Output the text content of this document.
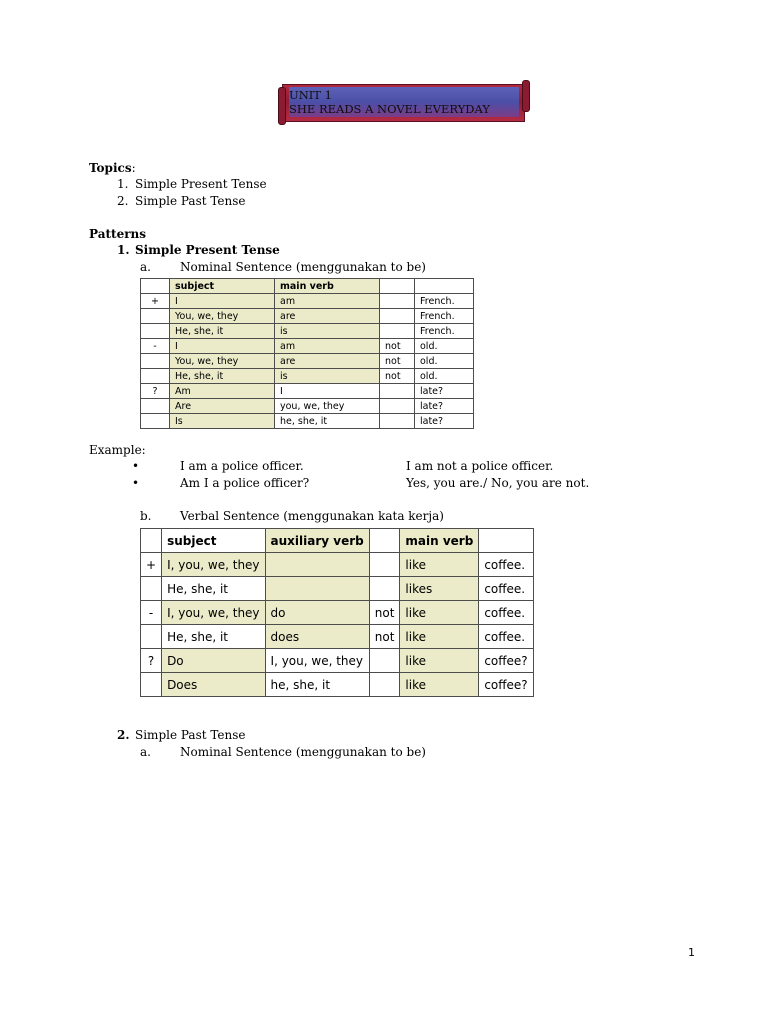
UNIT 1
SHE READS A NOVEL EVERYDAY
Topics:
1. Simple Present Tense
2. Simple Past Tense
Patterns
1. Simple Present Tense
a. Nominal Sentence (menggunakan to be)
	subject	main verb		
+	I	am		French.
	You, we, they	are		French.
	He, she, it	is		French.
-	I	am	not	old.
	You, we, they	are	not	old.
	He, she, it	is	not	old.
?	Am	I		late?
	Are	you, we, they		late?
	Is	he, she, it		late?
Example:
•	I am a police officer.	I am not a police officer.
•	Am I a police officer?	Yes, you are./ No, you are not.
b. Verbal Sentence (menggunakan kata kerja)
	subject	auxiliary verb		main verb	
+	I, you, we, they			like	coffee.
	He, she, it			likes	coffee.
-	I, you, we, they	do	not	like	coffee.
	He, she, it	does	not	like	coffee.
?	Do	I, you, we, they		like	coffee?
	Does	he, she, it		like	coffee?
2. Simple Past Tense
a. Nominal Sentence (menggunakan to be)
1
